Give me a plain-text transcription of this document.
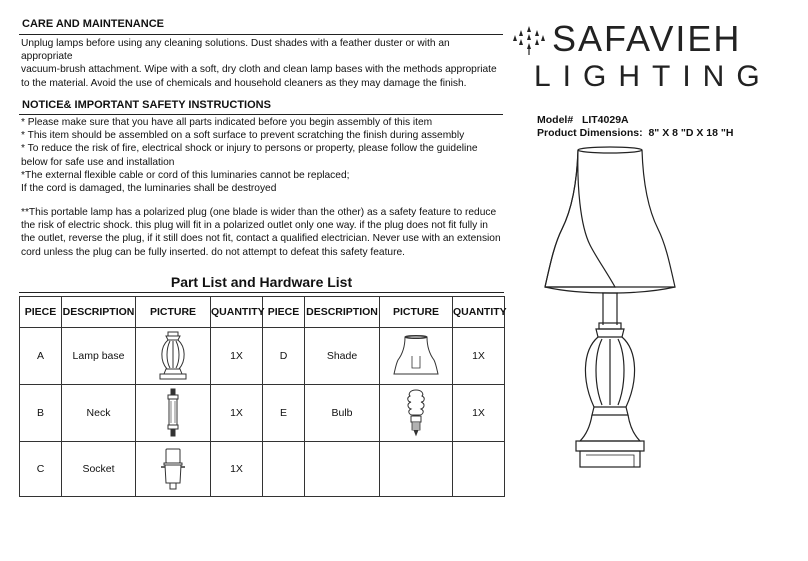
CARE AND MAINTENANCE
Unplug lamps before using any cleaning solutions. Dust shades with a feather duster or with an
appropriate
vacuum-brush attachment. Wipe with a soft, dry cloth and clean lamp bases with the methods appropriate
to the material. Avoid the use of chemicals and household cleaners as they may damage the finish.
NOTICE& IMPORTANT SAFETY INSTRUCTIONS
* Please make sure that you have all parts indicated before you begin assembly of this item
* This item should be assembled on a soft surface to prevent scratching the finish during assembly
* To reduce the risk of fire, electrical shock or injury to persons or property, please follow the guideline
below for safe use and installation
*The external flexible cable or cord of this luminaries cannot be replaced;
If the cord is damaged, the luminaries shall be destroyed
**This portable lamp has a polarized plug (one blade is wider than the other) as a safety feature to reduce
the risk of electric shock. this plug will fit in a polarized outlet only one way. if the plug does not fit fully in
the outlet, reverse the plug, if it still does not fit, contact a qualified electrician. Never use with an extension
cord unless the plug can be fully inserted. do not attempt to defeat this safety feature.
Part List and Hardware List
PIECE	DESCRIPTION	PICTURE	QUANTITY	PIECE	DESCRIPTION	PICTURE	QUANTITY
A	Lamp base		1X	D	Shade		1X
B	Neck		1X	E	Bulb		1X
C	Socket		1X				
SAFAVIEH
LIGHTING
Model# LIT4029A
Product Dimensions: 8" X 8 "D X 18 "H
